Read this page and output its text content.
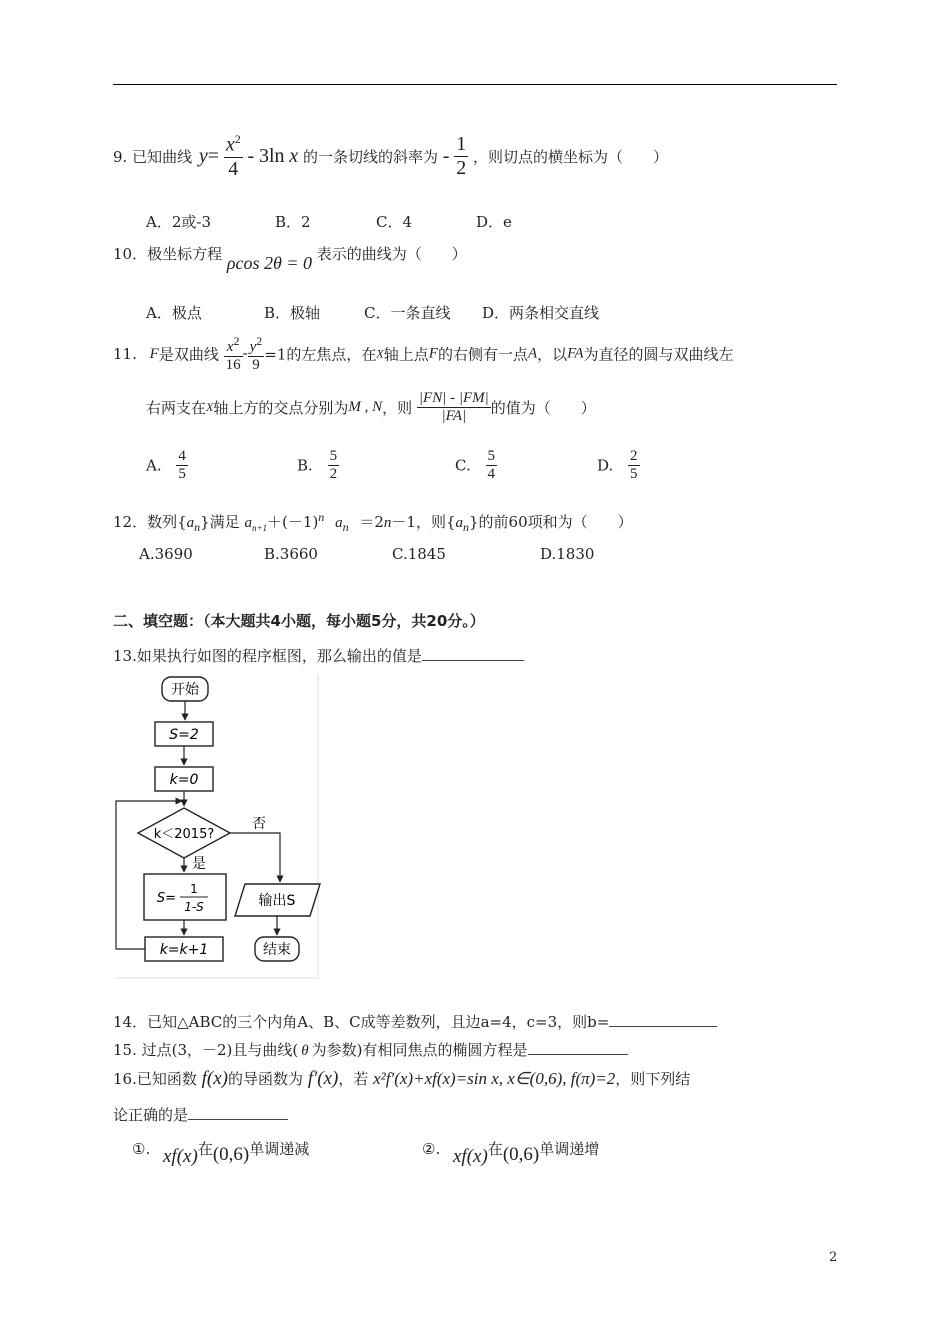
9. 已知曲线 $y= \frac{x^2}{4} - 3\ln$ x 的一条切线的斜率为 - $\frac{1}{2}$ ，则切点的横坐标为（　　）
A．2或-3	B．2	C．4	D．e
10．极坐标方程 ρcos 2θ = 0 表示的曲线为（　　）
A．极点	B．极轴	C．一条直线 D．两条相交直线
11. F是双曲线 $\frac{x^2}{16} - \frac{y^2}{9} =1$的左焦点，在X轴上点F的右侧有一点A，以FA为直径的圆与双曲线左
右两支在X轴上方的交点分别为M , N，则 $\frac{|FN| - |FM|}{|FA|}$ 的值为（　　）
A. $\frac{4}{5}$	B. $\frac{5}{2}$	C. $\frac{5}{4}$	D. $\frac{2}{5}$
12．数列$\{a_n\}$满足 $a_{n+1}+(-1)^n$ $a_n =2n-1$，则$\{a_n\}$的前60项和为（　　）
A.3690	B.3660	C.1845	D.1830
二、填空题：（本大题共4小题，每小题5分，共20分。）
13.如果执行如图的程序框图，那么输出的值是
开始
S=2
k=0
k＜2015?
否
是
S=
1
1-S
k=k+1
输出S
结束
14．已知△ABC的三个内角A、B、C成等差数列，且边a=4，c=3，则b=
15. 过点(3，－2)且与曲线( θ 为参数)有相同焦点的椭圆方程是
16.已知函数 f(x)的导函数为 f′(x)，若 x²f′(x)+xf(x)=sin x, x∈(0,6), f(π)=2，则下列结
论正确的是
①. xf(x)在(0,6)单调递减	②. xf(x)在(0,6)单调递增
2
